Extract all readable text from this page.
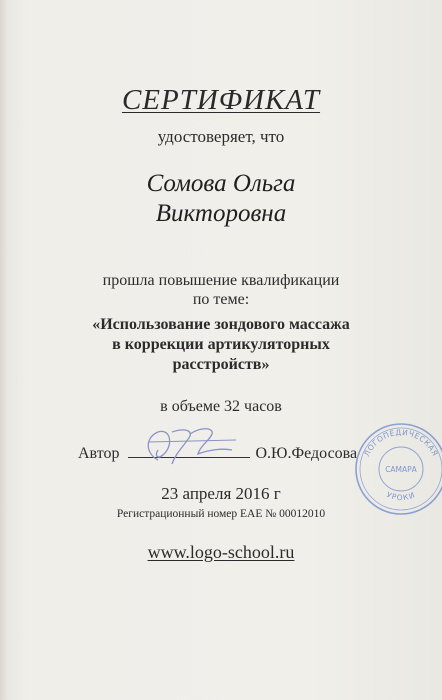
СЕРТИФИКАТ
удостоверяет, что
Сомова Ольга
Викторовна
прошла повышение квалификации
по теме:
«Использование зондового массажа
в коррекции артикуляторных
расстройств»
в объеме 32 часов
Автор	О.Ю.Федосова ЛОГОПЕДИЧЕСКАЯ
САМАРА
УРОКИ
23 апреля 2016 г
Регистрационный номер ЕАЕ № 00012010
www.logo-school.ru
